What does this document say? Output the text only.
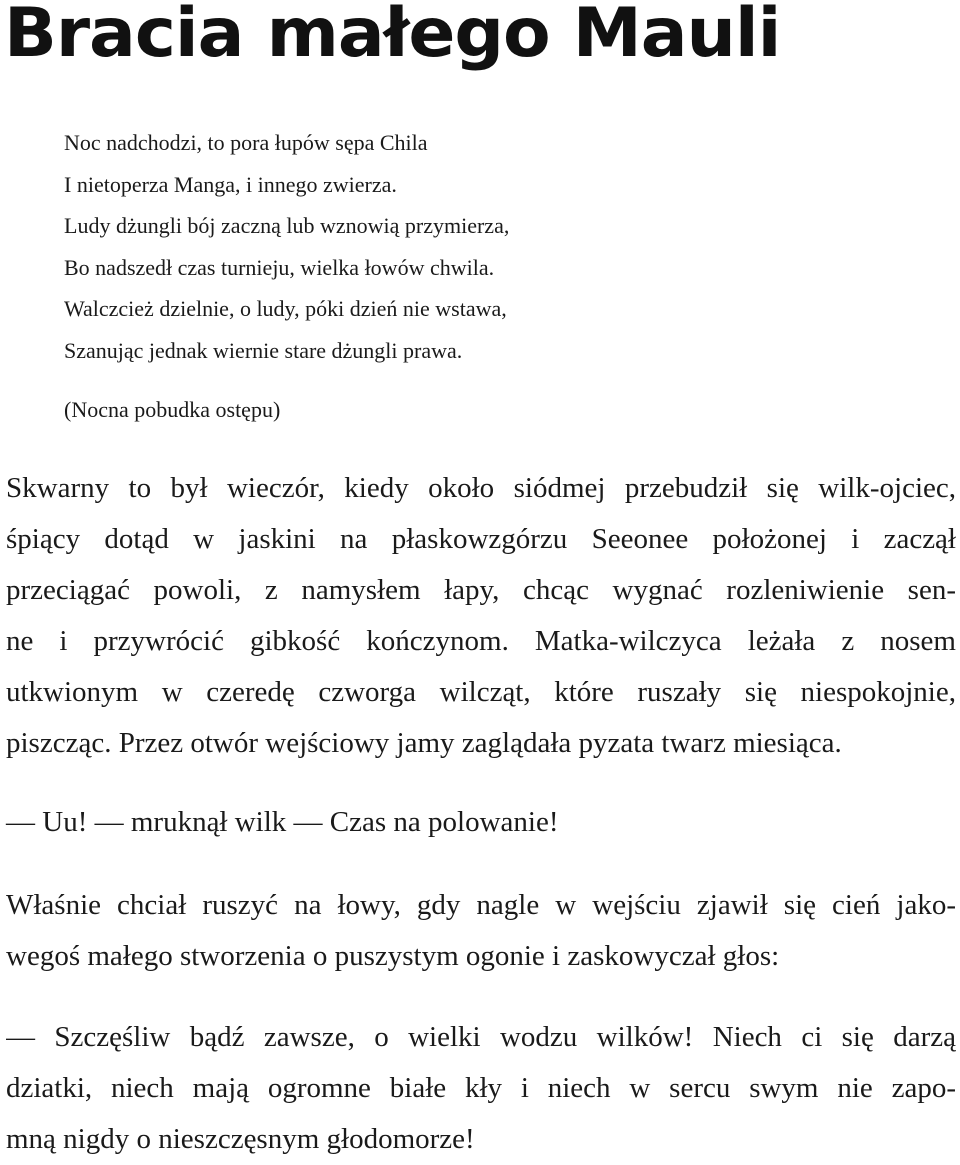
Bracia małego Mauli
Noc nadchodzi, to pora łupów sępa Chila
I nietoperza Manga, i innego zwierza.
Ludy dżungli bój zaczną lub wznowią przymierza,
Bo nadszedł czas turnieju, wielka łowów chwila.
Walczcież dzielnie, o ludy, póki dzień nie wstawa,
Szanując jednak wiernie stare dżungli prawa.
(Nocna pobudka ostępu)
Skwarny to był wieczór, kiedy około siódmej przebudził się wilk-ojciec,
śpiący dotąd w jaskini na płaskowzgórzu Seeonee położonej i zaczął
przeciągać powoli, z namysłem łapy, chcąc wygnać rozleniwienie sen-
ne i przywrócić gibkość kończynom. Matka-wilczyca leżała z nosem
utkwionym w czeredę czworga wilcząt, które ruszały się niespokojnie,
piszcząc. Przez otwór wejściowy jamy zaglądała pyzata twarz miesiąca.
— Uu! — mruknął wilk — Czas na polowanie!
Właśnie chciał ruszyć na łowy, gdy nagle w wejściu zjawił się cień jako-
wegoś małego stworzenia o puszystym ogonie i zaskowyczał głos:
— Szczęśliw bądź zawsze, o wielki wodzu wilków! Niech ci się darzą
dziatki, niech mają ogromne białe kły i niech w sercu swym nie zapo-
mną nigdy o nieszczęsnym głodomorze!
